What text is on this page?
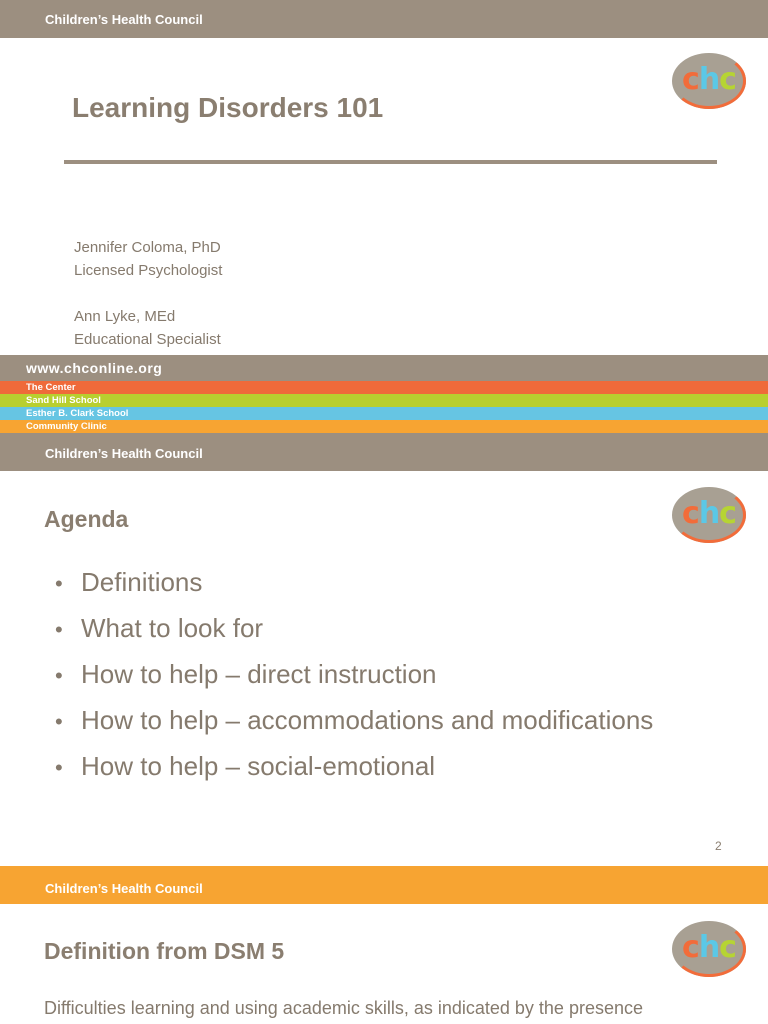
Children’s Health Council
chc
Learning Disorders 101
Jennifer Coloma, PhD
Licensed Psychologist
Ann Lyke, MEd
Educational Specialist
www.chconline.org
The Center
Sand Hill School
Esther B. Clark School
Community Clinic
Children’s Health Council
chc
Agenda
• Definitions
• What to look for
• How to help – direct instruction
• How to help – accommodations and modifications
• How to help – social-emotional
2
Children’s Health Council
chc
Definition from DSM 5
Difficulties learning and using academic skills, as indicated by the presence
